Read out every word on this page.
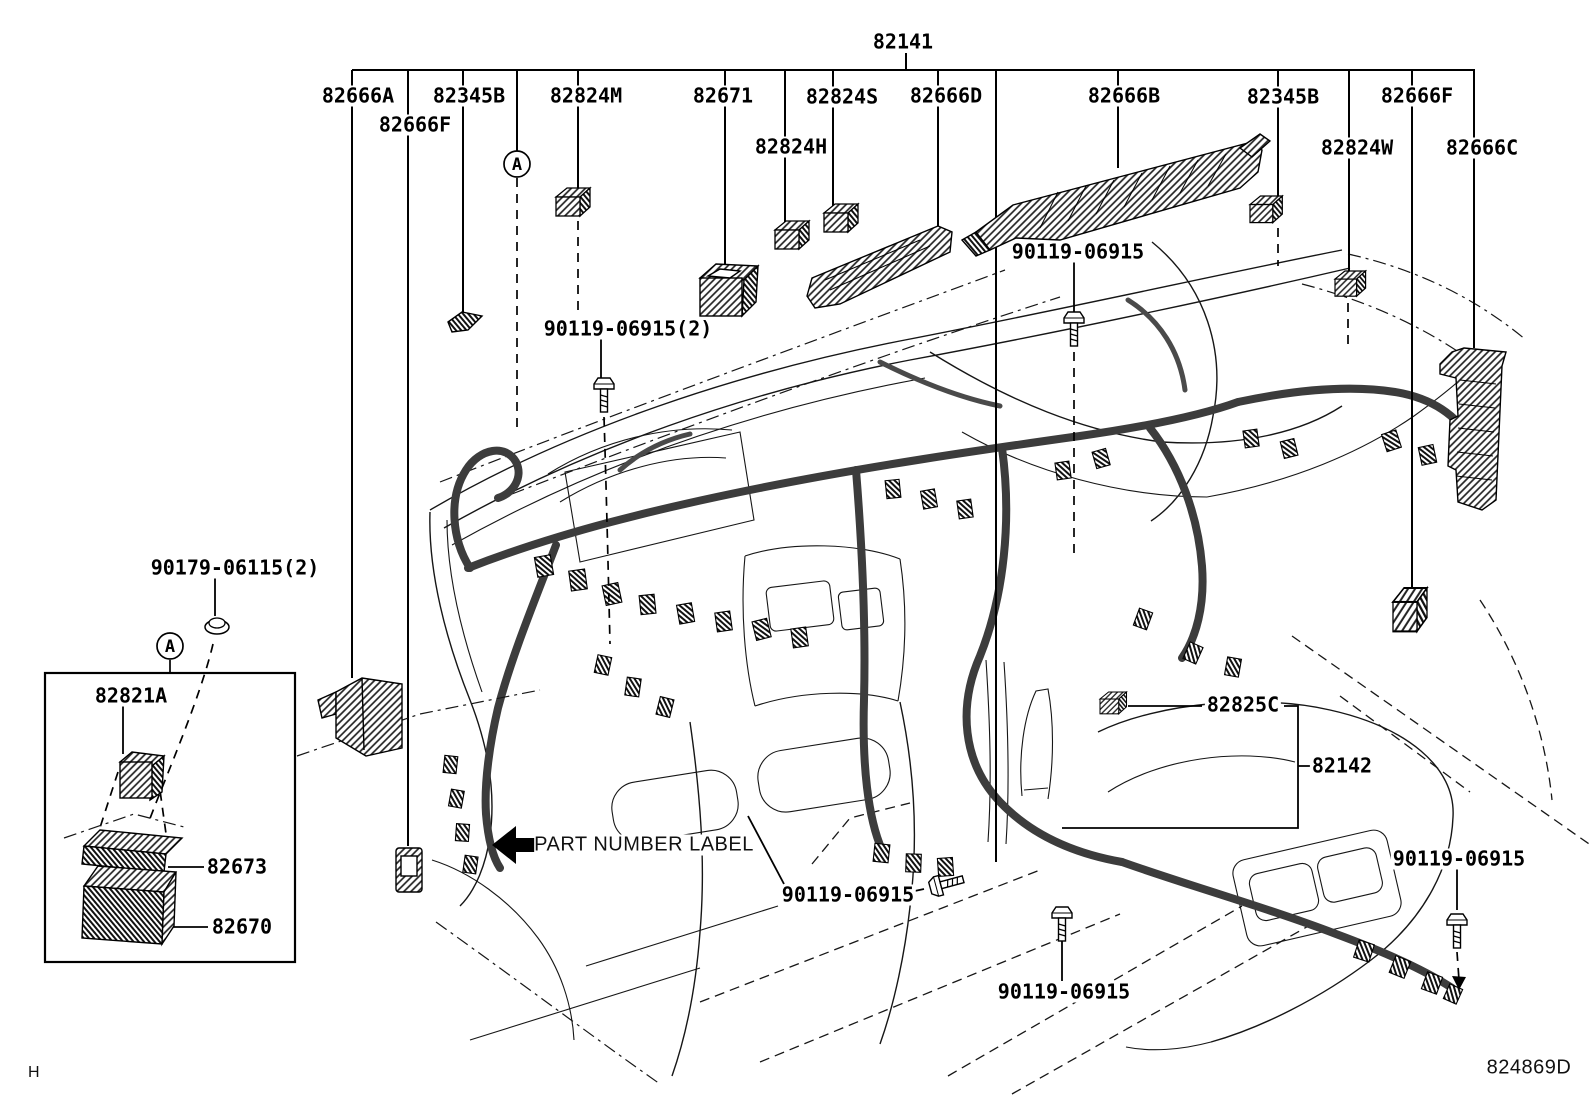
A
A
82141
82666A 82345B 82824M	82671	82824S 82666D	82666B	82345B	82666F
82666F
82824H	82824W	82666C
90119-06915
90119-06915(2)
90179-06115(2)
82821A
82673
82670
82825C
82142
PART NUMBER LABEL
90119-06915
90119-06915
90119-06915
824869D
H
